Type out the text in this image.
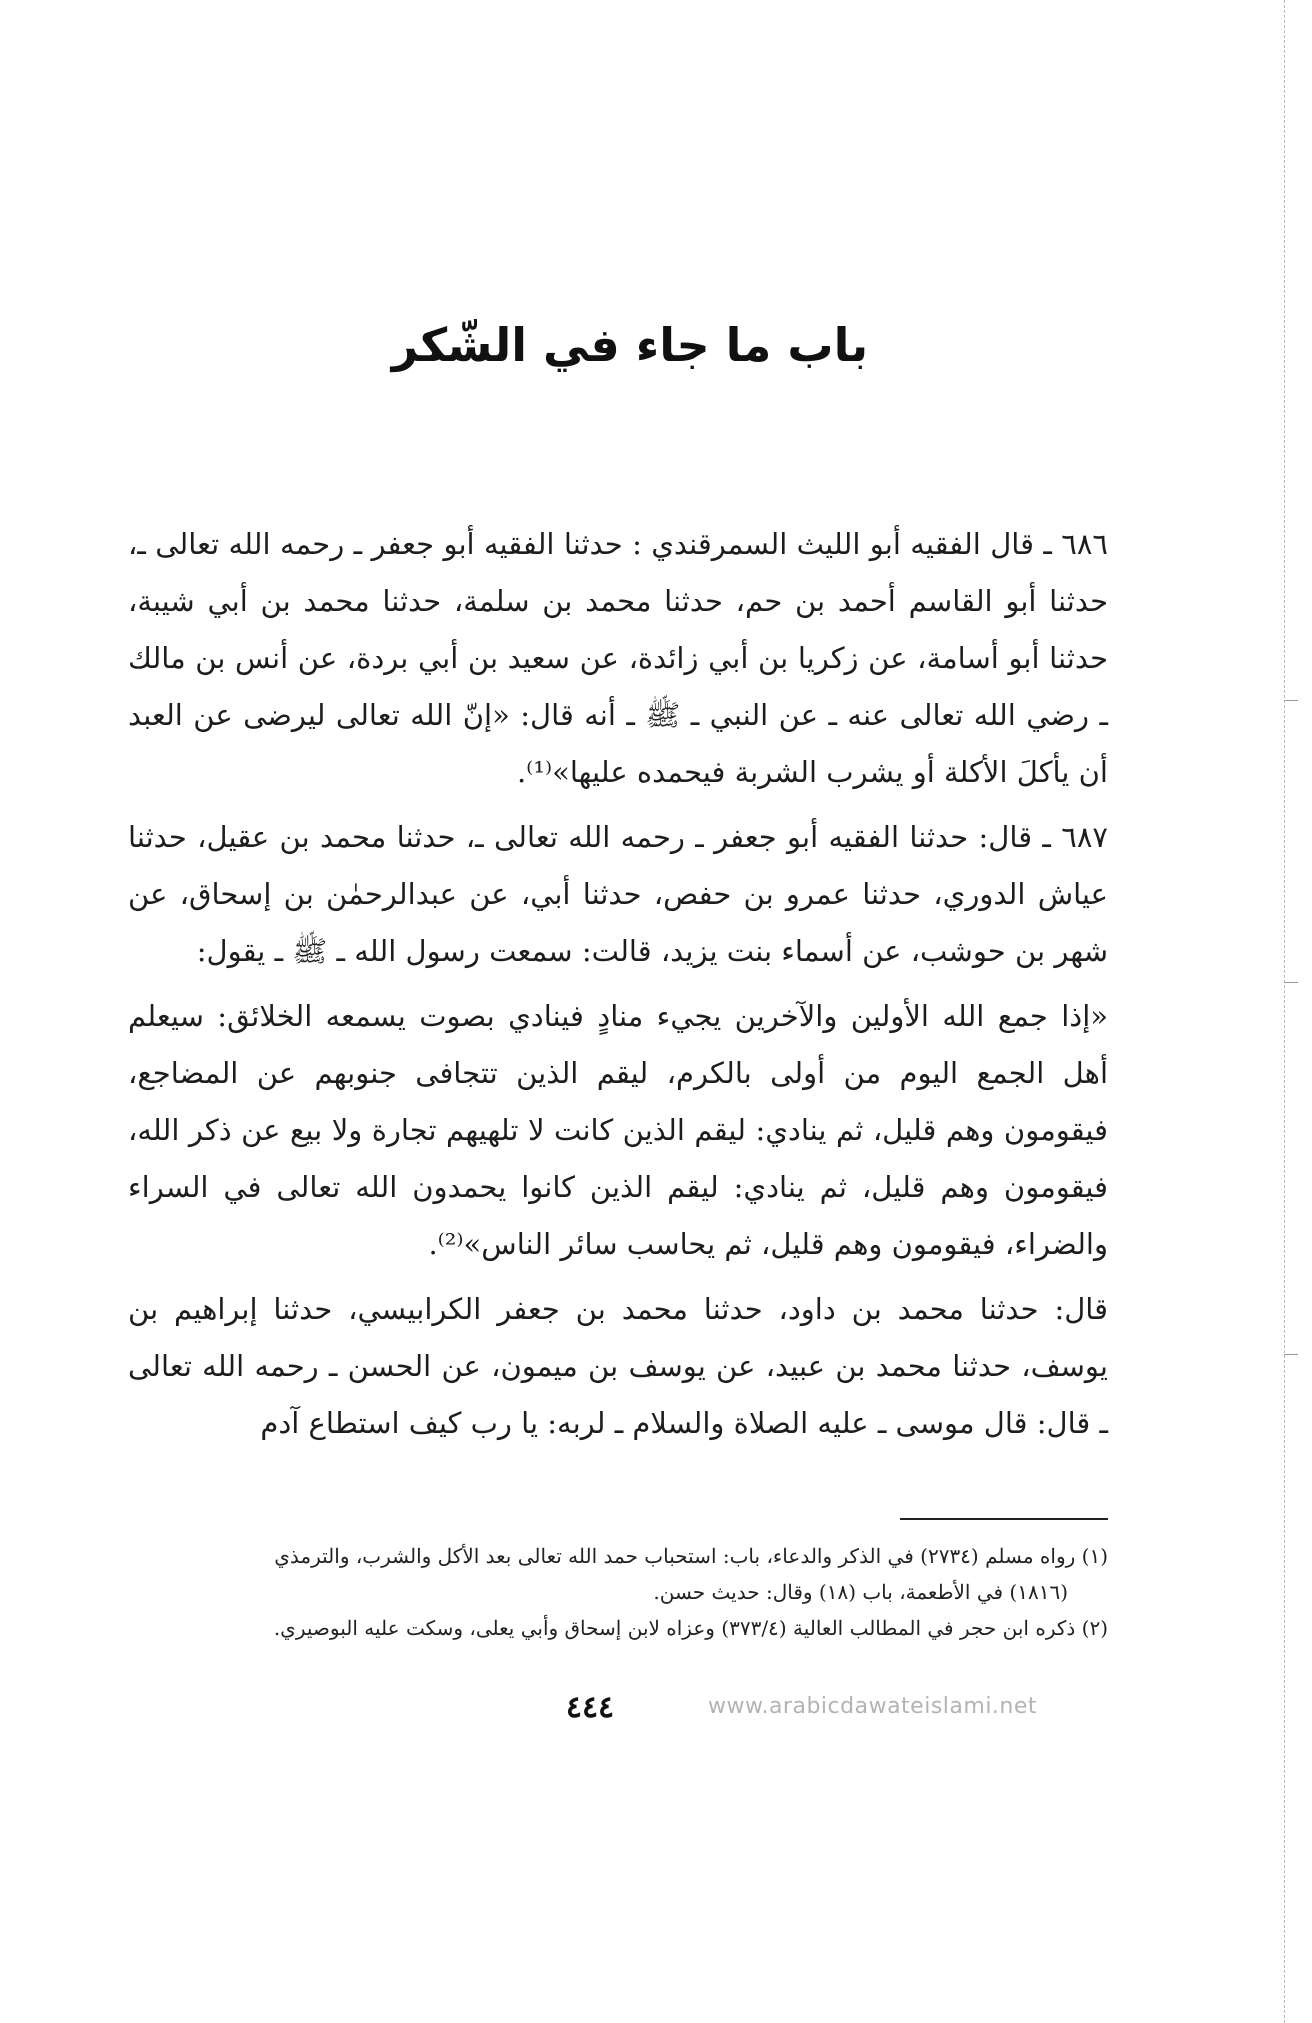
باب ما جاء في الشّكر

٦٨٦ ـ قال الفقيه أبو الليث السمرقندي : حدثنا الفقيه أبو جعفر ـ رحمه الله تعالى ـ، حدثنا أبو القاسم أحمد بن حم، حدثنا محمد بن سلمة، حدثنا محمد بن أبي شيبة، حدثنا أبو أسامة، عن زكريا بن أبي زائدة، عن سعيد بن أبي بردة، عن أنس بن مالك ـ رضي الله تعالى عنه ـ عن النبي ـ ﷺ ـ أنه قال: «إنّ الله تعالى ليرضى عن العبد أن يأكلَ الأكلة أو يشرب الشربة فيحمده عليها»⁽¹⁾.

٦٨٧ ـ قال: حدثنا الفقيه أبو جعفر ـ رحمه الله تعالى ـ، حدثنا محمد بن عقيل، حدثنا عياش الدوري، حدثنا عمرو بن حفص، حدثنا أبي، عن عبدالرحمٰن بن إسحاق، عن شهر بن حوشب، عن أسماء بنت يزيد، قالت: سمعت رسول الله ـ ﷺ ـ يقول:

«إذا جمع الله الأولين والآخرين يجيء منادٍ فينادي بصوت يسمعه الخلائق: سيعلم أهل الجمع اليوم من أولى بالكرم، ليقم الذين تتجافى جنوبهم عن المضاجع، فيقومون وهم قليل، ثم ينادي: ليقم الذين كانت لا تلهيهم تجارة ولا بيع عن ذكر الله، فيقومون وهم قليل، ثم ينادي: ليقم الذين كانوا يحمدون الله تعالى في السراء والضراء، فيقومون وهم قليل، ثم يحاسب سائر الناس»⁽²⁾.

قال: حدثنا محمد بن داود، حدثنا محمد بن جعفر الكرابيسي، حدثنا إبراهيم بن يوسف، حدثنا محمد بن عبيد، عن يوسف بن ميمون، عن الحسن ـ رحمه الله تعالى ـ قال: قال موسى ـ عليه الصلاة والسلام ـ لربه: يا رب كيف استطاع آدم

(١) رواه مسلم (٢٧٣٤) في الذكر والدعاء، باب: استحباب حمد الله تعالى بعد الأكل والشرب، والترمذي

(١٨١٦) في الأطعمة، باب (١٨) وقال: حديث حسن.

(٢) ذكره ابن حجر في المطالب العالية (٣٧٣/٤) وعزاه لابن إسحاق وأبي يعلى، وسكت عليه البوصيري.

٤٤٤	www.arabicdawateislami.net
